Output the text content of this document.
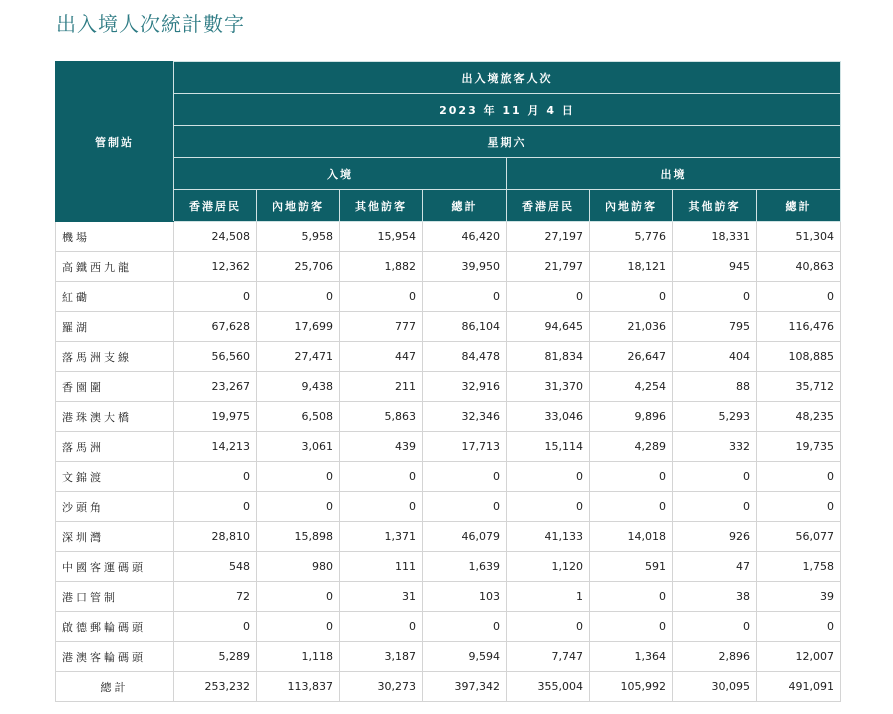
出入境人次統計數字
管制站	出入境旅客人次							
	2023 年 11 月 4 日							
	星期六							
	入境				出境			
	香港居民	內地訪客	其他訪客	總計	香港居民	內地訪客	其他訪客	總計
機場	24,508	5,958	15,954	46,420	27,197	5,776	18,331	51,304
高鐵西九龍	12,362	25,706	1,882	39,950	21,797	18,121	945	40,863
紅磡	0	0	0	0	0	0	0	0
羅湖	67,628	17,699	777	86,104	94,645	21,036	795	116,476
落馬洲支線	56,560	27,471	447	84,478	81,834	26,647	404	108,885
香園圍	23,267	9,438	211	32,916	31,370	4,254	88	35,712
港珠澳大橋	19,975	6,508	5,863	32,346	33,046	9,896	5,293	48,235
落馬洲	14,213	3,061	439	17,713	15,114	4,289	332	19,735
文錦渡	0	0	0	0	0	0	0	0
沙頭角	0	0	0	0	0	0	0	0
深圳灣	28,810	15,898	1,371	46,079	41,133	14,018	926	56,077
中國客運碼頭	548	980	111	1,639	1,120	591	47	1,758
港口管制	72	0	31	103	1	0	38	39
啟德郵輪碼頭	0	0	0	0	0	0	0	0
港澳客輪碼頭	5,289	1,118	3,187	9,594	7,747	1,364	2,896	12,007
總計	253,232	113,837	30,273	397,342	355,004	105,992	30,095	491,091
